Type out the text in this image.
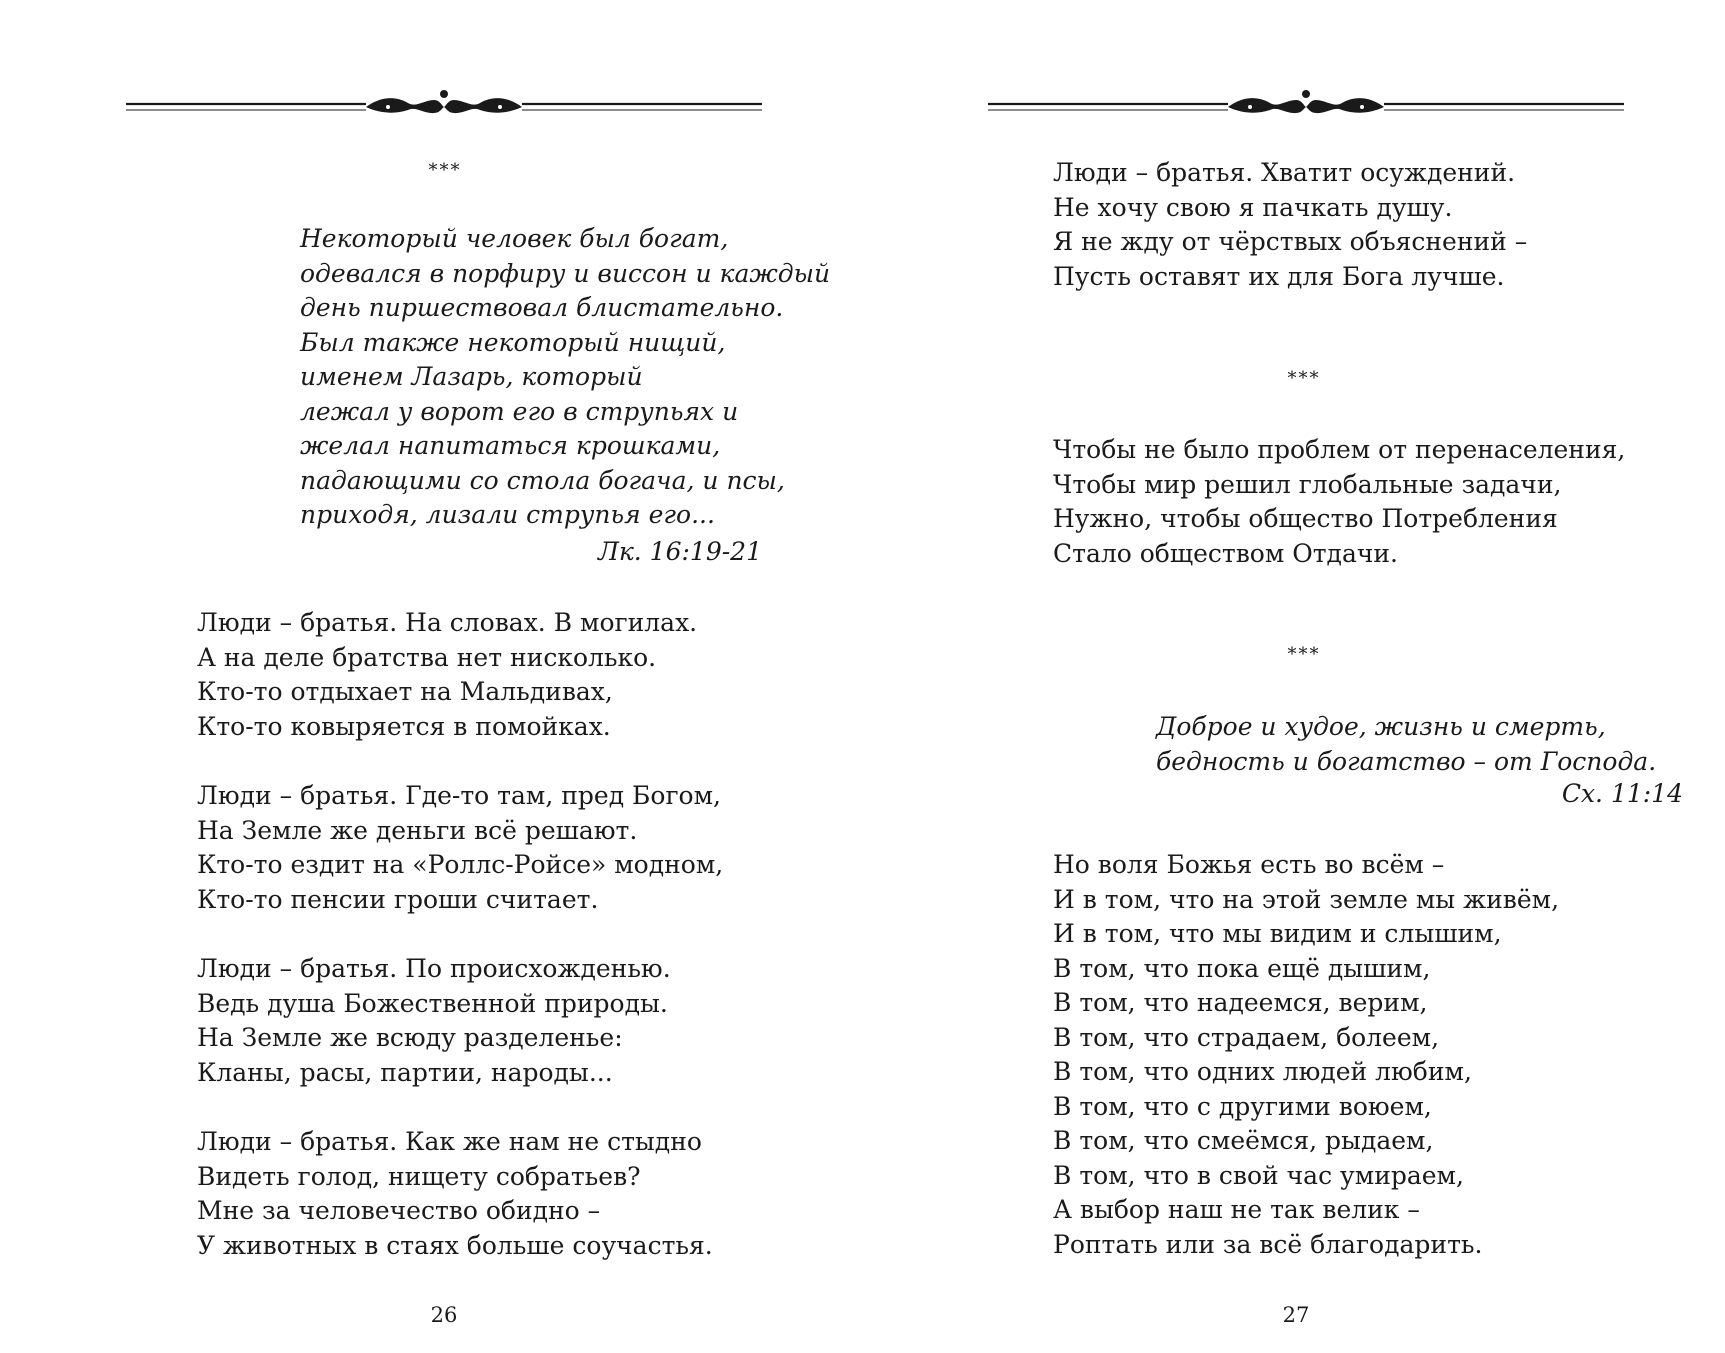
***
Некоторый человек был богат,
одевался в порфиру и виссон и каждый
день пиршествовал блистательно.
Был также некоторый нищий,
именем Лазарь, который
лежал у ворот его в струпьях и
желал напитаться крошками,
падающими со стола богача, и псы,
приходя, лизали струпья его...
Лк. 16:19-21
Люди – братья. На словах. В могилах.
А на деле братства нет нисколько.
Кто-то отдыхает на Мальдивах,
Кто-то ковыряется в помойках.
Люди – братья. Где-то там, пред Богом,
На Земле же деньги всё решают.
Кто-то ездит на «Роллс-Ройсе» модном,
Кто-то пенсии гроши считает.
Люди – братья. По происхожденью.
Ведь душа Божественной природы.
На Земле же всюду разделенье:
Кланы, расы, партии, народы...
Люди – братья. Как же нам не стыдно
Видеть голод, нищету собратьев?
Мне за человечество обидно –
У животных в стаях больше соучастья.
26
Люди – братья. Хватит осуждений.
Не хочу свою я пачкать душу.
Я не жду от чёрствых объяснений –
Пусть оставят их для Бога лучше.
***
Чтобы не было проблем от перенаселения,
Чтобы мир решил глобальные задачи,
Нужно, чтобы общество Потребления
Стало обществом Отдачи.
***
Доброе и худое, жизнь и смерть,
бедность и богатство – от Господа.
Сх. 11:14
Но воля Божья есть во всём –
И в том, что на этой земле мы живём,
И в том, что мы видим и слышим,
В том, что пока ещё дышим,
В том, что надеемся, верим,
В том, что страдаем, болеем,
В том, что одних людей любим,
В том, что с другими воюем,
В том, что смеёмся, рыдаем,
В том, что в свой час умираем,
А выбор наш не так велик –
Роптать или за всё благодарить.
27
